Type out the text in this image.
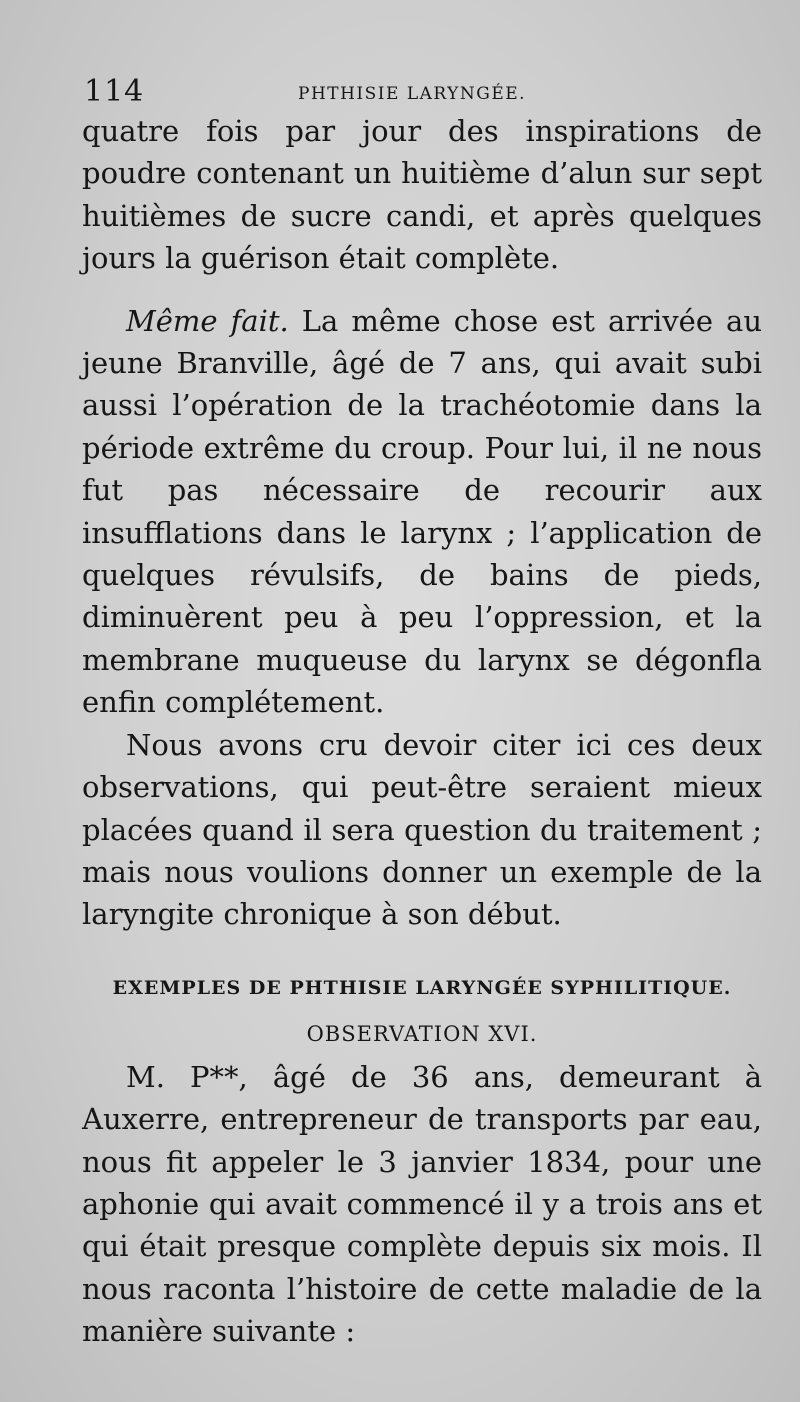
114	PHTHISIE LARYNGÉE.

quatre fois par jour des inspirations de poudre contenant un huitième d’alun sur sept huitièmes de sucre candi, et après quelques jours la guérison était complète.

Même fait. La même chose est arrivée au jeune Branville, âgé de 7 ans, qui avait subi aussi l’opération de la trachéotomie dans la période extrême du croup. Pour lui, il ne nous fut pas nécessaire de recourir aux insufflations dans le larynx ; l’application de quelques révulsifs, de bains de pieds, diminuèrent peu à peu l’oppression, et la membrane muqueuse du larynx se dégonfla enfin complétement.

Nous avons cru devoir citer ici ces deux observations, qui peut-être seraient mieux placées quand il sera question du traitement ; mais nous voulions donner un exemple de la laryngite chronique à son début.

EXEMPLES DE PHTHISIE LARYNGÉE SYPHILITIQUE.
OBSERVATION XVI.

M. P**, âgé de 36 ans, demeurant à Auxerre, entrepreneur de transports par eau, nous fit appeler le 3 janvier 1834, pour une aphonie qui avait commencé il y a trois ans et qui était presque complète depuis six mois. Il nous raconta l’histoire de cette maladie de la manière suivante :
